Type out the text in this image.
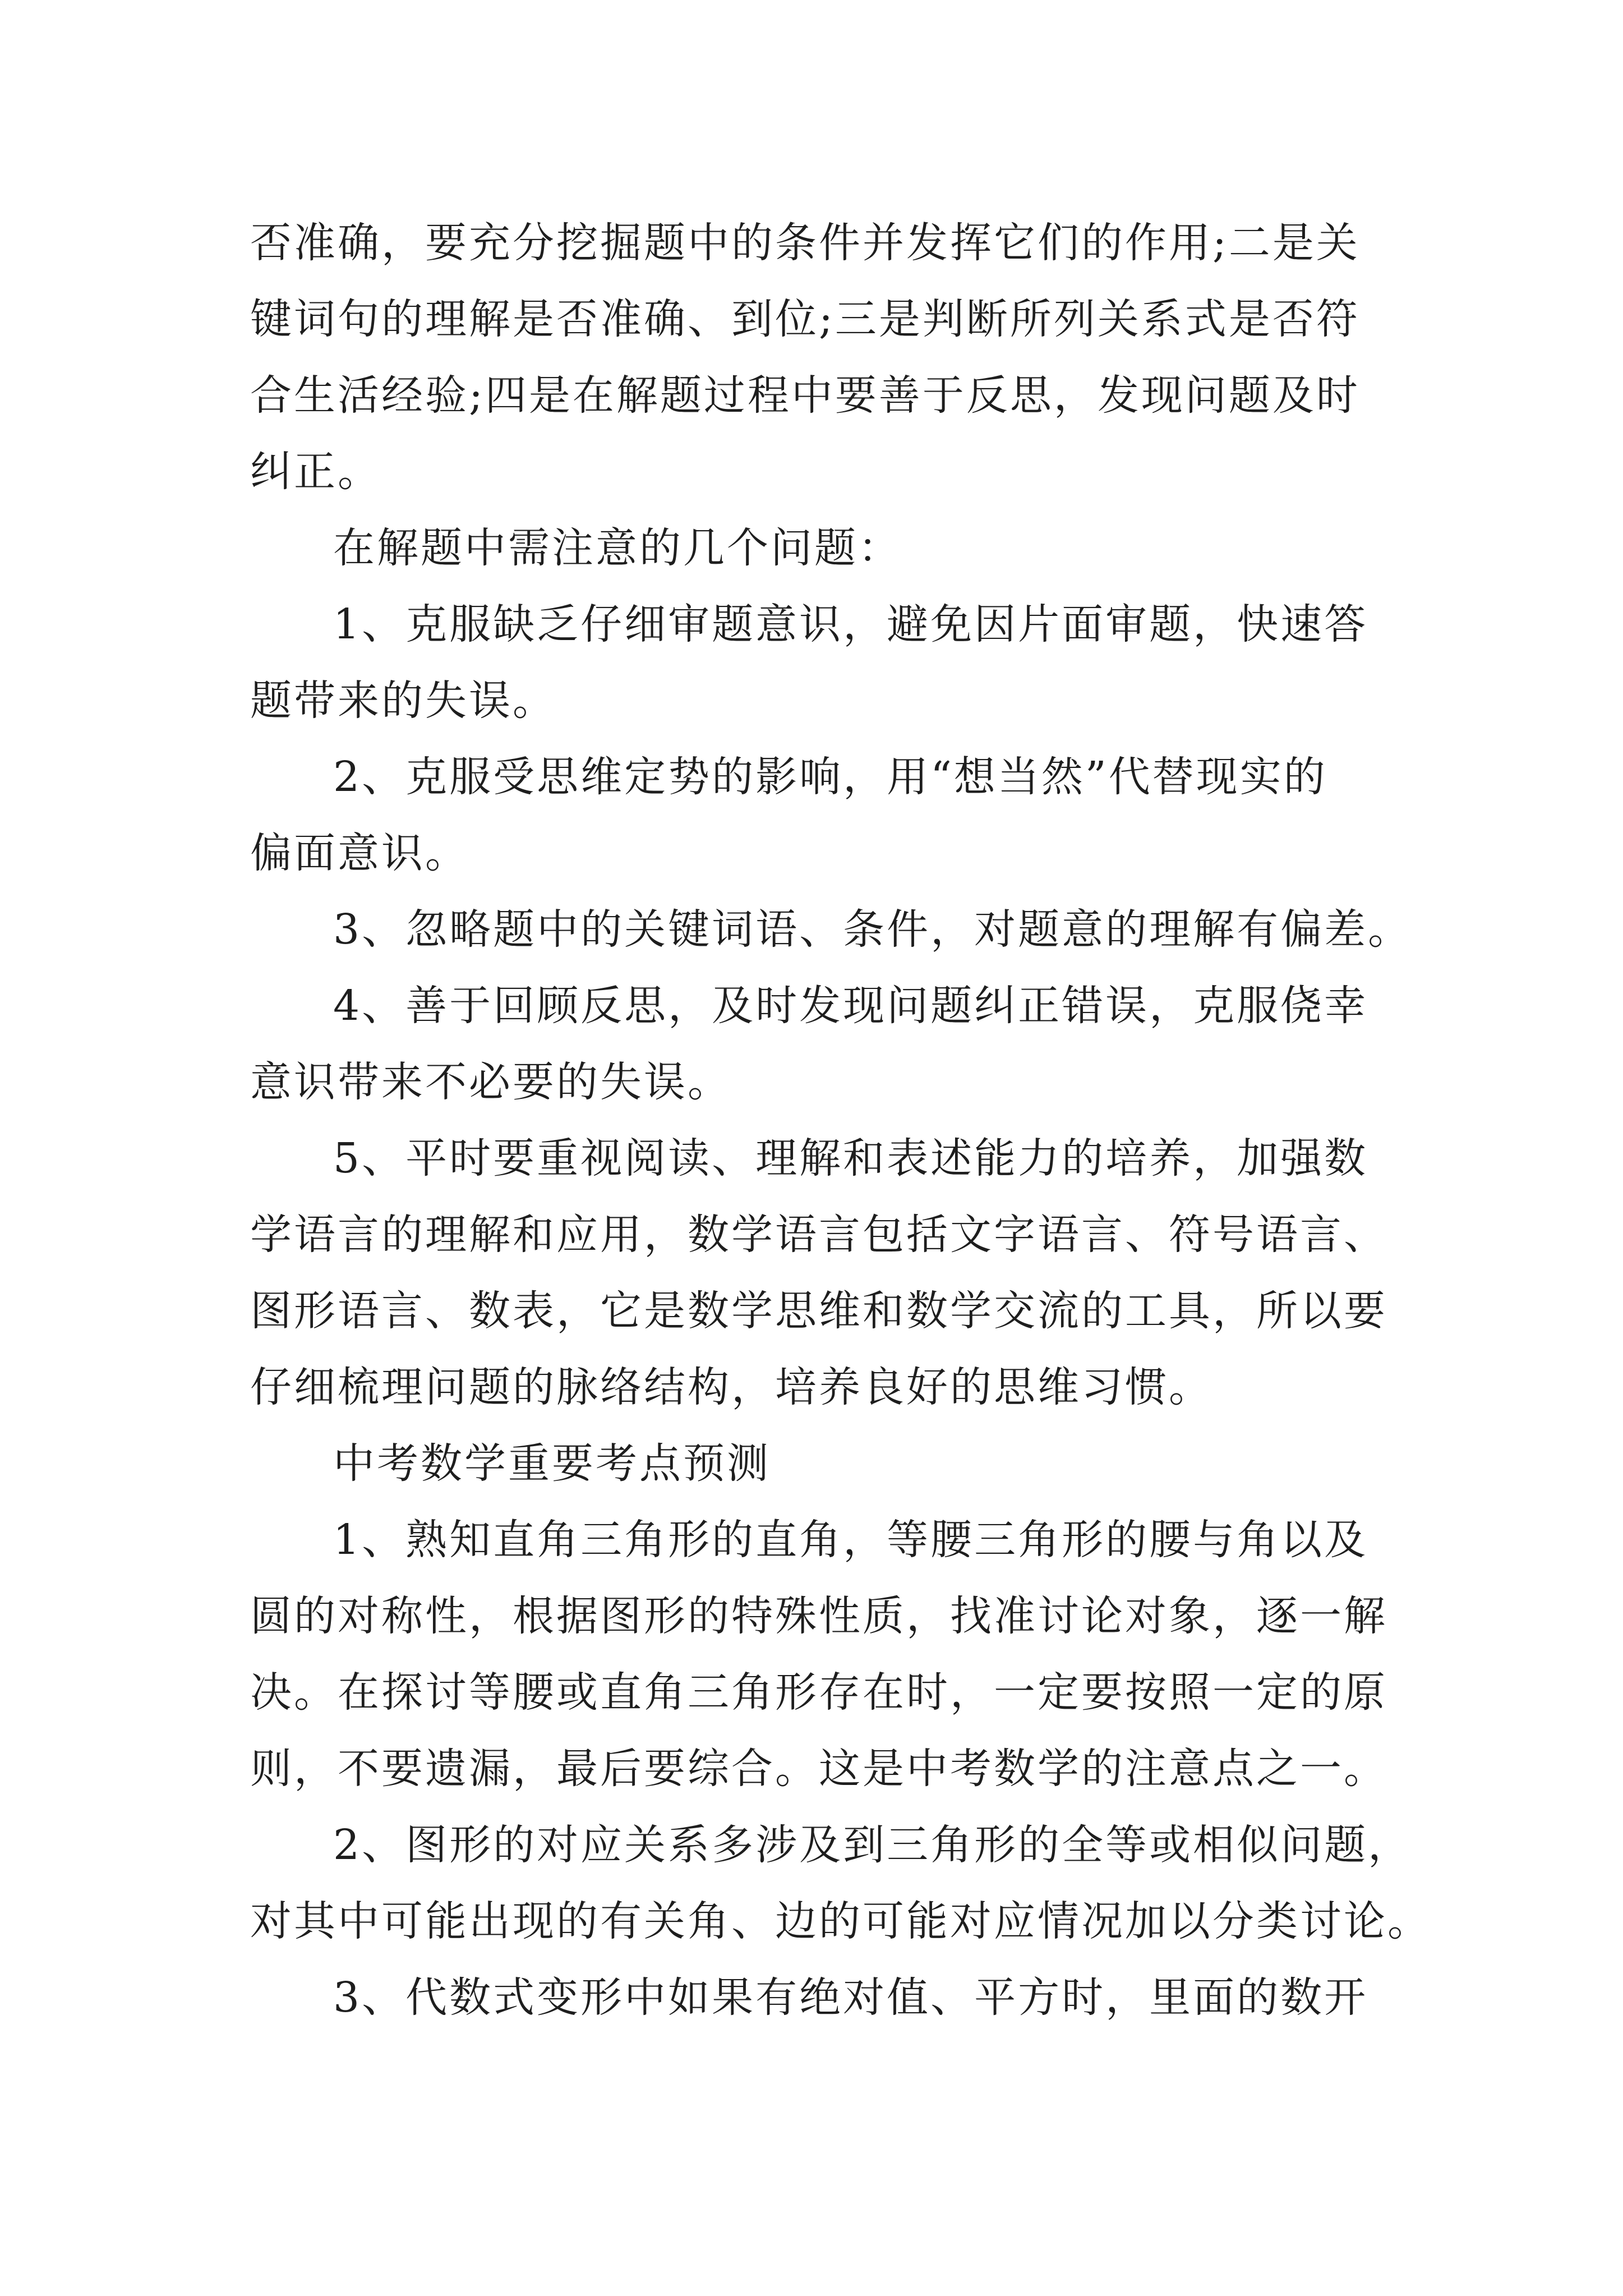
否准确，要充分挖掘题中的条件并发挥它们的作用;二是关
键词句的理解是否准确、到位;三是判断所列关系式是否符
合生活经验;四是在解题过程中要善于反思，发现问题及时
纠正。
在解题中需注意的几个问题：
1、克服缺乏仔细审题意识，避免因片面审题，快速答
题带来的失误。
2、克服受思维定势的影响，用“想当然”代替现实的
偏面意识。
3、忽略题中的关键词语、条件，对题意的理解有偏差。
4、善于回顾反思，及时发现问题纠正错误，克服侥幸
意识带来不必要的失误。
5、平时要重视阅读、理解和表述能力的培养，加强数
学语言的理解和应用，数学语言包括文字语言、符号语言、
图形语言、数表，它是数学思维和数学交流的工具，所以要
仔细梳理问题的脉络结构，培养良好的思维习惯。
中考数学重要考点预测
1、熟知直角三角形的直角，等腰三角形的腰与角以及
圆的对称性，根据图形的特殊性质，找准讨论对象，逐一解
决。在探讨等腰或直角三角形存在时，一定要按照一定的原
则，不要遗漏，最后要综合。这是中考数学的注意点之一。
2、图形的对应关系多涉及到三角形的全等或相似问题，
对其中可能出现的有关角、边的可能对应情况加以分类讨论。
3、代数式变形中如果有绝对值、平方时，里面的数开
